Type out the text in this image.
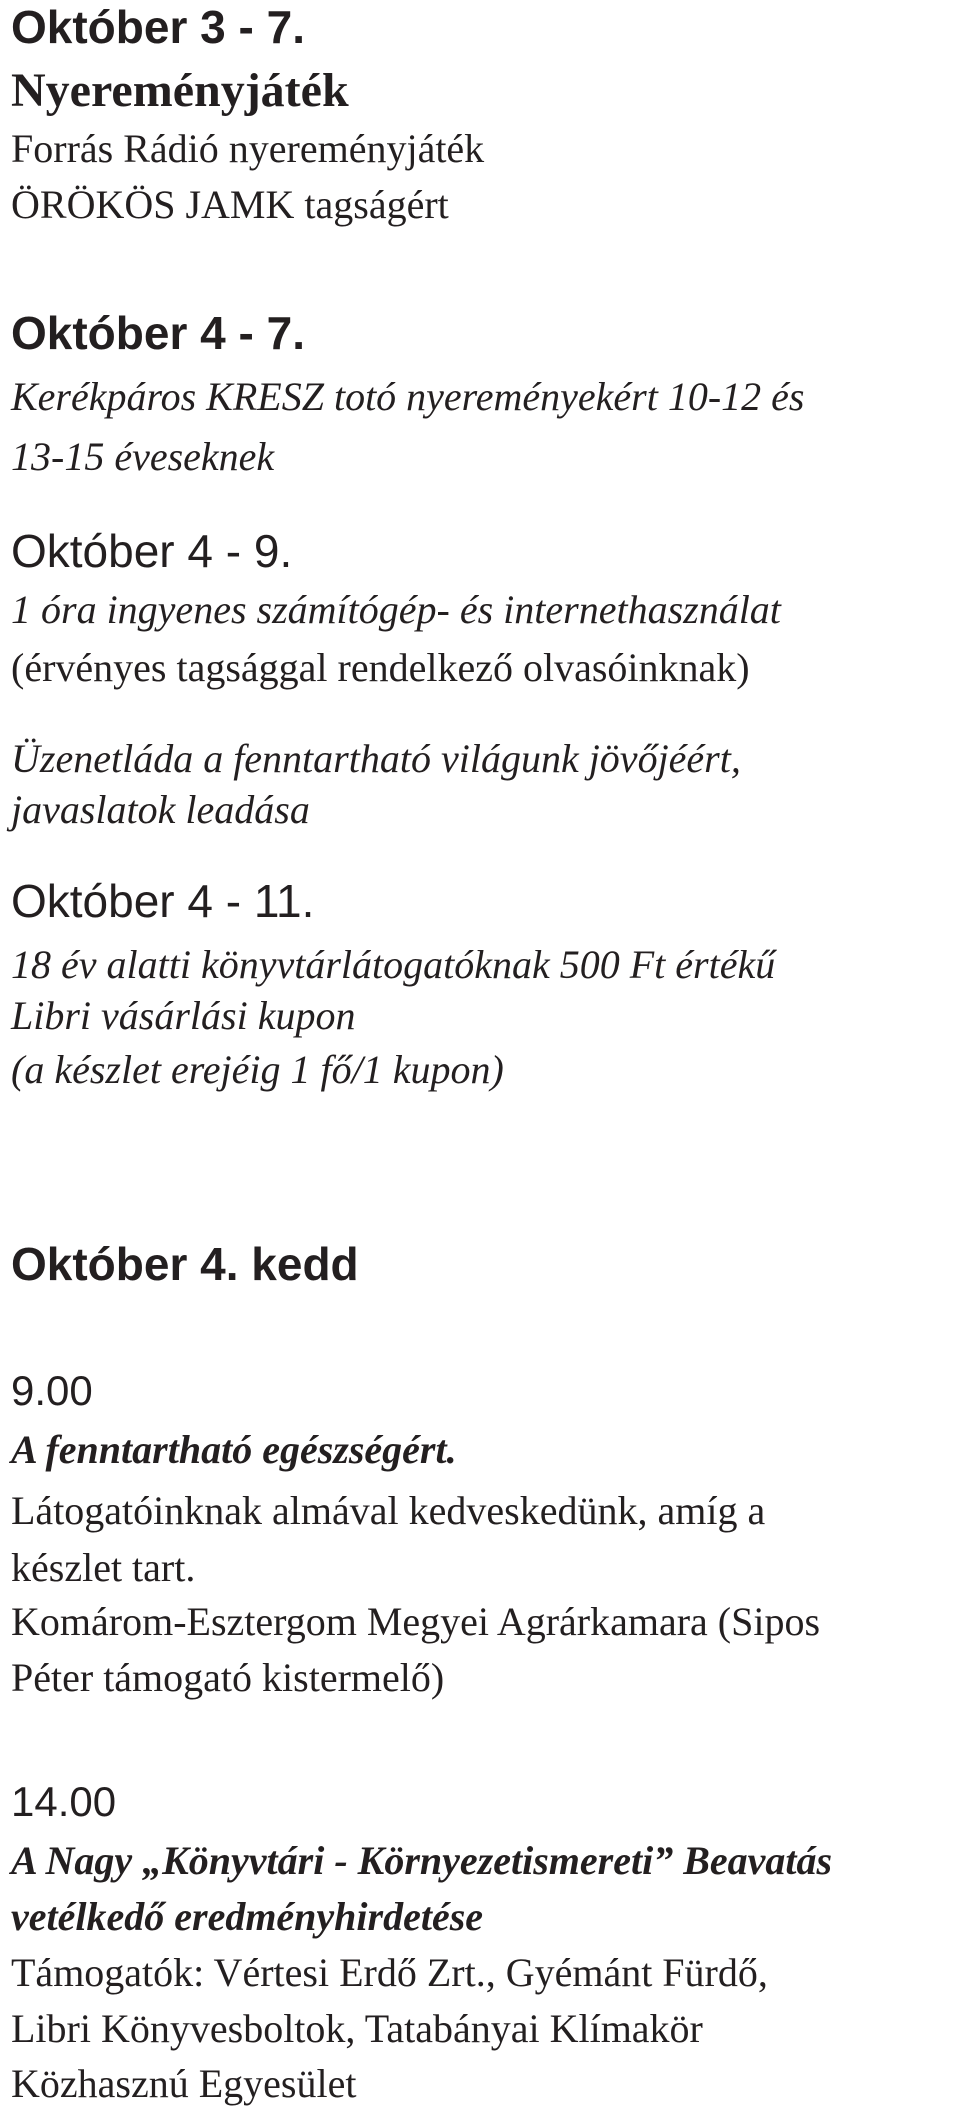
Október 3 - 7.
Nyereményjáték
Forrás Rádió nyereményjáték
ÖRÖKÖS JAMK tagságért
Október 4 - 7.
Kerékpáros KRESZ totó nyereményekért 10-12 és
13-15 éveseknek
Október 4 - 9.
1 óra ingyenes számítógép- és internethasználat
(érvényes tagsággal rendelkező olvasóinknak)
Üzenetláda a fenntartható világunk jövőjéért,
javaslatok leadása
Október 4 - 11.
18 év alatti könyvtárlátogatóknak 500 Ft értékű
Libri vásárlási kupon
(a készlet erejéig 1 fő/1 kupon)
Október 4. kedd
9.00
A fenntartható egészségért.
Látogatóinknak almával kedveskedünk, amíg a
készlet tart.
Komárom-Esztergom Megyei Agrárkamara (Sipos
Péter támogató kistermelő)
14.00
A Nagy „Könyvtári - Környezetismereti” Beavatás
vetélkedő eredményhirdetése
Támogatók: Vértesi Erdő Zrt., Gyémánt Fürdő,
Libri Könyvesboltok, Tatabányai Klímakör
Közhasznú Egyesület
